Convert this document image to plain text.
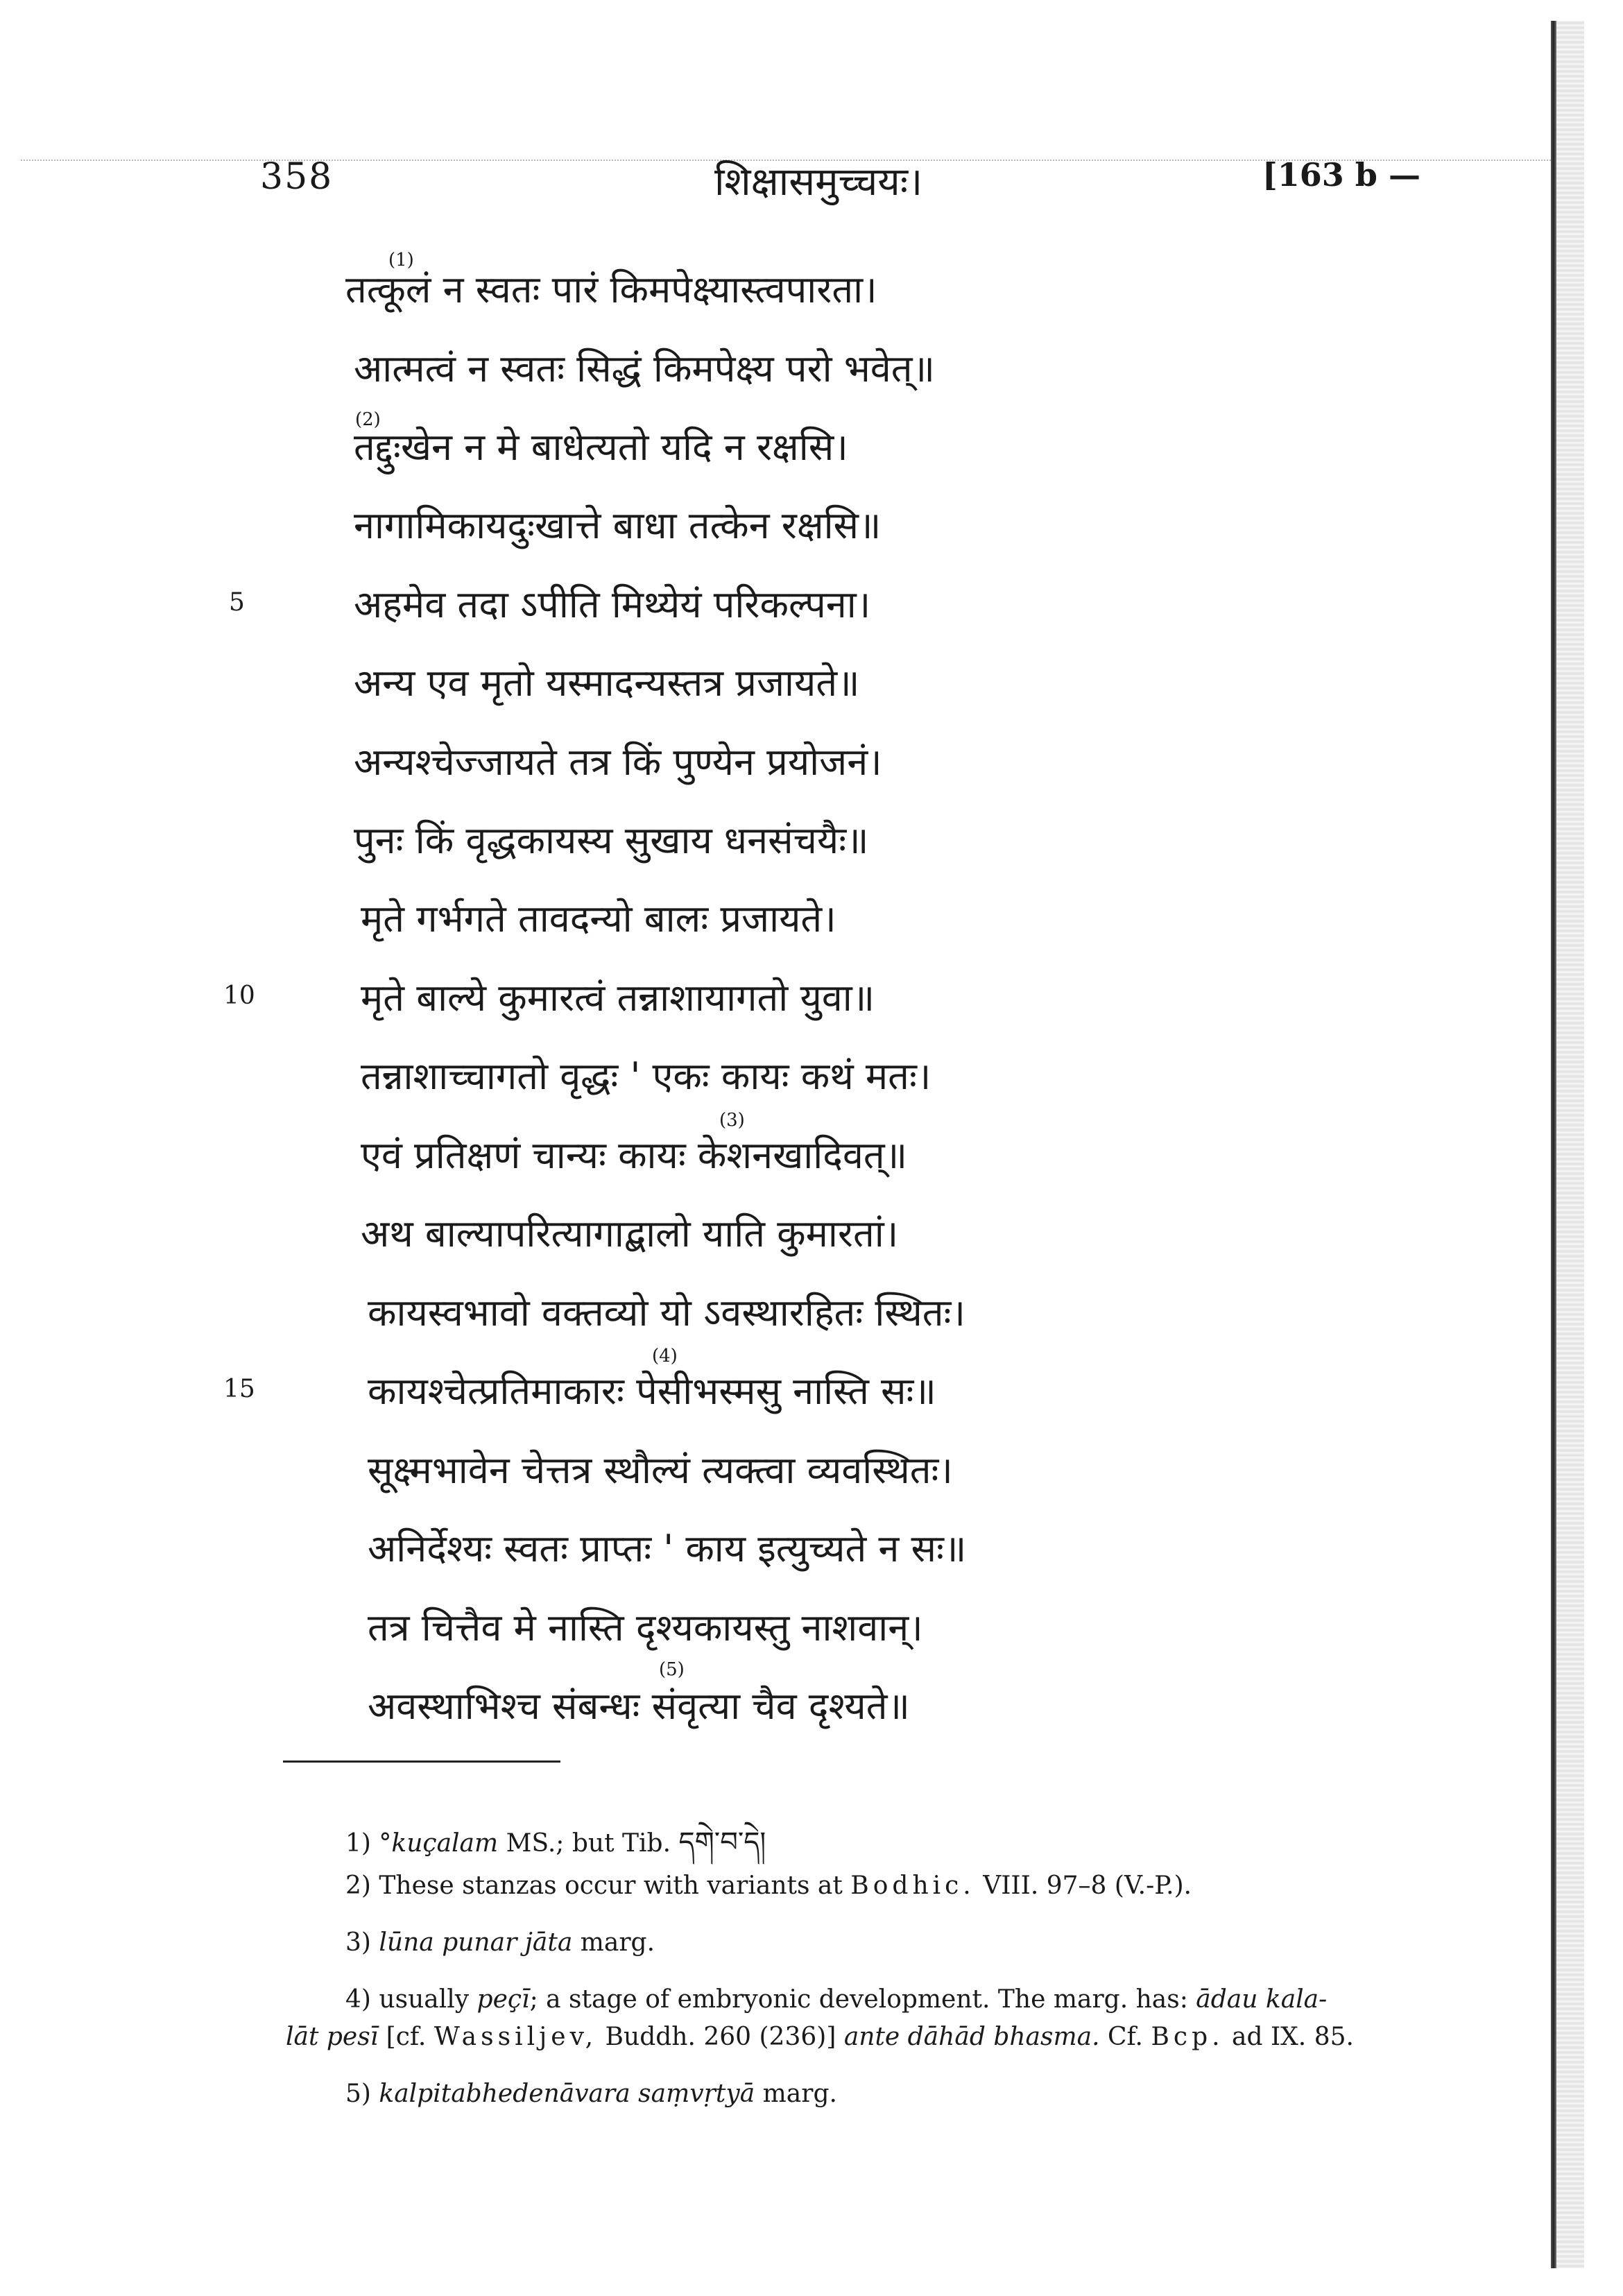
358	शिक्षासमुच्चयः।	[163 b —
तत्कूलं न स्वतः पारं किमपेक्ष्यास्त्वपारता।
आत्मत्वं न स्वतः सिद्धं किमपेक्ष्य परो भवेत्॥
तद्दुःखेन न मे बाधेत्यतो यदि न रक्षसि।
नागामिकायदुःखात्ते बाधा तत्केन रक्षसि॥
अहमेव तदा ऽपीति मिथ्येयं परिकल्पना।
अन्य एव मृतो यस्मादन्यस्तत्र प्रजायते॥
अन्यश्चेज्जायते तत्र किं पुण्येन प्रयोजनं।
पुनः किं वृद्धकायस्य सुखाय धनसंचयैः॥
मृते गर्भगते तावदन्यो बालः प्रजायते।
मृते बाल्ये कुमारत्वं तन्नाशायागतो युवा॥
तन्नाशाच्चागतो वृद्धः ' एकः कायः कथं मतः।
एवं प्रतिक्षणं चान्यः कायः केशनखादिवत्॥
अथ बाल्यापरित्यागाद्बालो याति कुमारतां।
कायस्वभावो वक्तव्यो यो ऽवस्थारहितः स्थितः।
कायश्चेत्प्रतिमाकारः पेसीभस्मसु नास्ति सः॥
सूक्ष्मभावेन चेत्तत्र स्थौल्यं त्यक्त्वा व्यवस्थितः।
अनिर्देश्यः स्वतः प्राप्तः ' काय इत्युच्यते न सः॥
तत्र चित्तैव मे नास्ति दृश्यकायस्तु नाशवान्।
अवस्थाभिश्च संबन्धः संवृत्या चैव दृश्यते॥
5
10
15
(1)
(2)
(3)
(4)
(5)
1) °kuçalam MS.; but Tib. དགེ་བ་དེ།
2) These stanzas occur with variants at Bodhic. VIII. 97–8 (V.-P.).
3) lūna punar jāta marg.
4) usually peçī; a stage of embryonic development. The marg. has: ādau kala-
lāt pesī [cf. Wassiljev, Buddh. 260 (236)] ante dāhād bhasma. Cf. Bcp. ad IX. 85.
5) kalpitabhedenāvara saṃvṛtyā marg.
